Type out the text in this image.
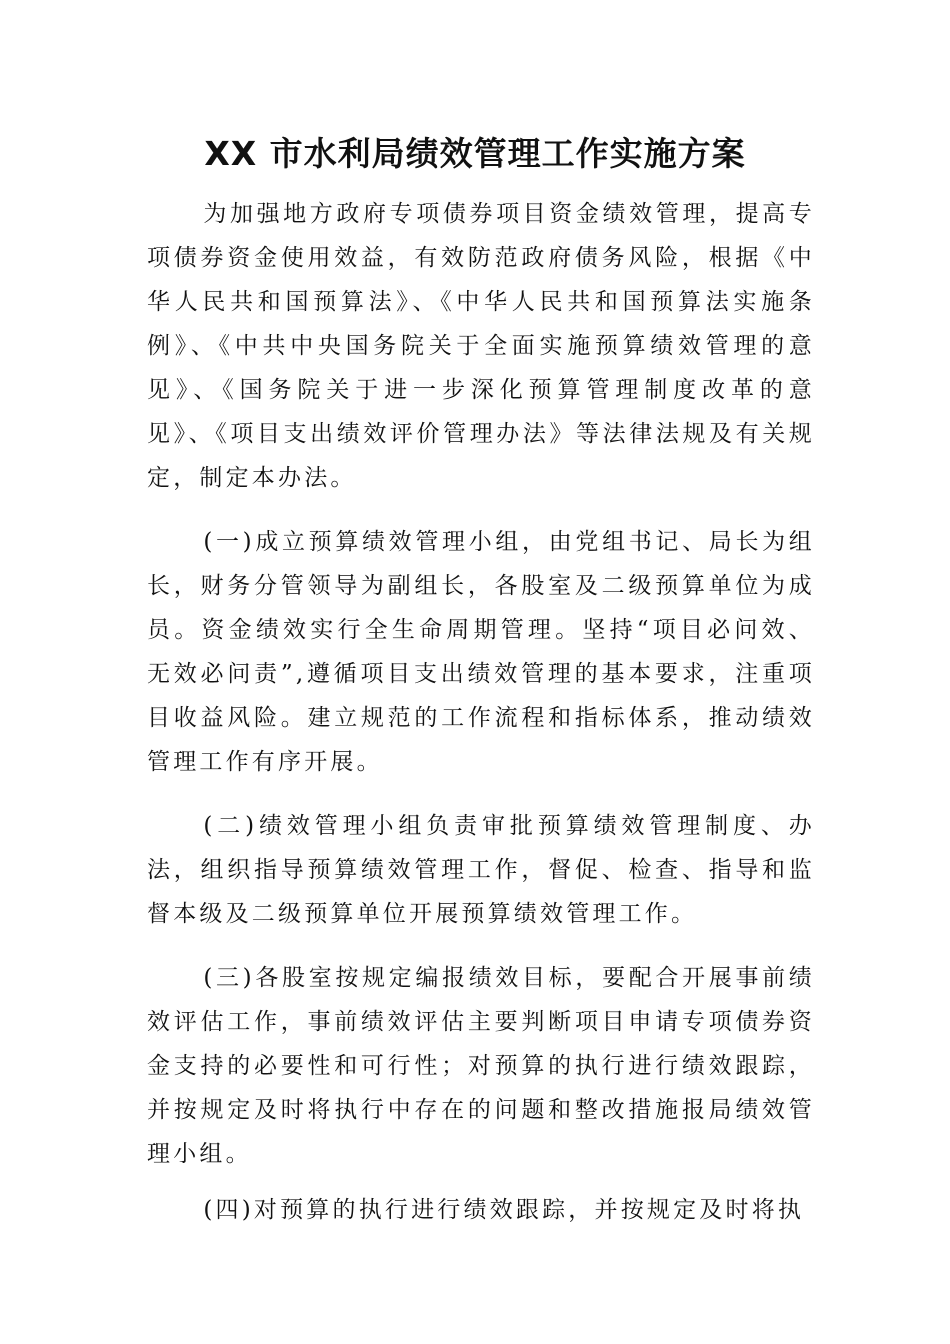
XX 市水利局绩效管理工作实施方案

为加强地方政府专项债券项目资金绩效管理，提高专项债券资金使用效益，有效防范政府债务风险，根据《中华人民共和国预算法》、《中华人民共和国预算法实施条例》、《中共中央国务院关于全面实施预算绩效管理的意见》、《国务院关于进一步深化预算管理制度改革的意见》、《项目支出绩效评价管理办法》等法律法规及有关规定，制定本办法。

(一)成立预算绩效管理小组，由党组书记、局长为组长，财务分管领导为副组长，各股室及二级预算单位为成员。资金绩效实行全生命周期管理。坚持“项目必问效、无效必问责”,遵循项目支出绩效管理的基本要求，注重项目收益风险。建立规范的工作流程和指标体系，推动绩效管理工作有序开展。

(二)绩效管理小组负责审批预算绩效管理制度、办法，组织指导预算绩效管理工作，督促、检查、指导和监督本级及二级预算单位开展预算绩效管理工作。

(三)各股室按规定编报绩效目标，要配合开展事前绩效评估工作，事前绩效评估主要判断项目申请专项债券资金支持的必要性和可行性；对预算的执行进行绩效跟踪，并按规定及时将执行中存在的问题和整改措施报局绩效管理小组。

(四)对预算的执行进行绩效跟踪，并按规定及时将执
